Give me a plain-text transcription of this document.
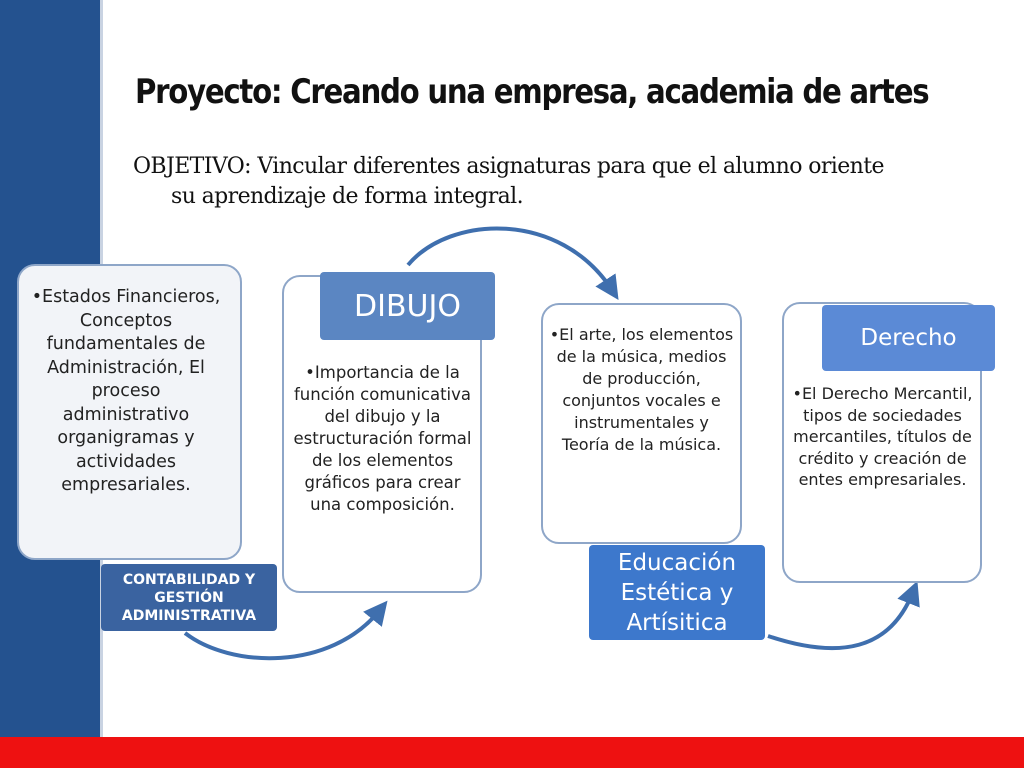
Proyecto: Creando una empresa, academia de artes
OBJETIVO: Vincular diferentes asignaturas para que el alumno oriente
su aprendizaje de forma integral.
•Estados Financieros, Conceptos fundamentales de Administración, El proceso administrativo organigramas y actividades empresariales.
CONTABILIDAD Y GESTIÓN ADMINISTRATIVA
•Importancia de la función comunicativa del dibujo y la estructuración formal de los elementos gráficos para crear una composición.
DIBUJO
•El arte, los elementos de la música, medios de producción, conjuntos vocales e instrumentales y Teoría de la música.
Educación Estética y Artísitica
•El Derecho Mercantil, tipos de sociedades mercantiles, títulos de crédito y creación de entes empresariales.
Derecho
